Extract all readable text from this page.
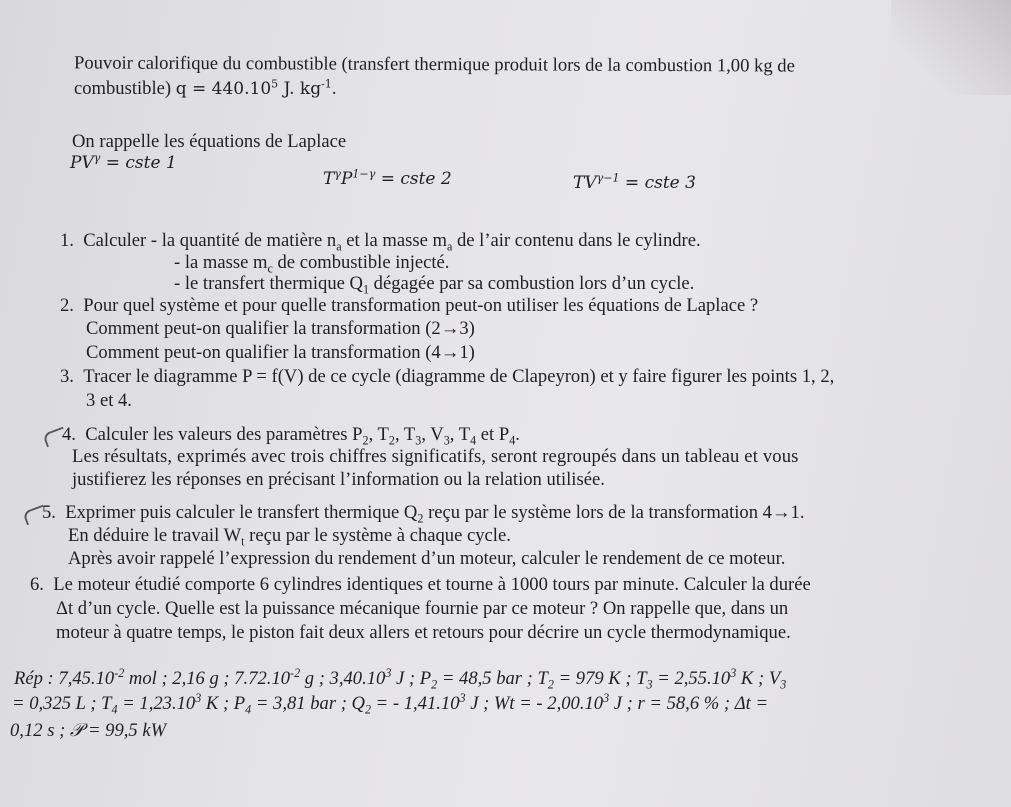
Pouvoir calorifique du combustible (transfert thermique produit lors de la combustion 1,00 kg de
combustible) $q = 440.10^5$ J. $kg^{-1}$.
On rappelle les équations de Laplace
$PV^\gamma$ = cste 1
$T^\gamma P^{1-\gamma}$ = cste 2	$TV^{\gamma-1}$ = cste 3
1. Calculer - la quantité de matière $n_a$ et la masse $m_a$ de l’air contenu dans le cylindre.
- la masse $m_c$ de combustible injecté.
- le transfert thermique $Q_1$ dégagée par sa combustion lors d’un cycle.
2. Pour quel système et pour quelle transformation peut-on utiliser les équations de Laplace ?
Comment peut-on qualifier la transformation (2→3)
Comment peut-on qualifier la transformation (4→1)
3. Tracer le diagramme P = f(V) de ce cycle (diagramme de Clapeyron) et y faire figurer les points 1, 2,
3 et 4.
4. Calculer les valeurs des paramètres $P_2$, $T_2$, $T_3$, $V_3$, $T_4$ et $P_4$.
Les résultats, exprimés avec trois chiffres significatifs, seront regroupés dans un tableau et vous
justifierez les réponses en précisant l’information ou la relation utilisée.
5. Exprimer puis calculer le transfert thermique $Q_2$ reçu par le système lors de la transformation 4→1.
En déduire le travail $W_t$ reçu par le système à chaque cycle.
Après avoir rappelé l’expression du rendement d’un moteur, calculer le rendement de ce moteur.
6. Le moteur étudié comporte 6 cylindres identiques et tourne à 1000 tours par minute. Calculer la durée
Δt d’un cycle. Quelle est la puissance mécanique fournie par ce moteur ? On rappelle que, dans un
moteur à quatre temps, le piston fait deux allers et retours pour décrire un cycle thermodynamique.
Rép : $7,45.10^{-2}$ mol ; 2,16 g ; $7.72.10^{-2}$ g ; 3,40.10$^3$ J ; $P_2 = 48,5$ bar ; $T_2 = 979$ K ; $T_3 = 2,55.10^3$ K ; $V_3$
= 0,325 L ; $T_4 = 1,23.10^3$ K ; $P_4 = 3,81$ bar ; $Q_2$ = - 1,41.10$^3$ J ; Wt = - 2,00.10$^3$ J ; r = 58,6 % ; Δt =
0,12 s ; 𝒫 = 99,5 kW
